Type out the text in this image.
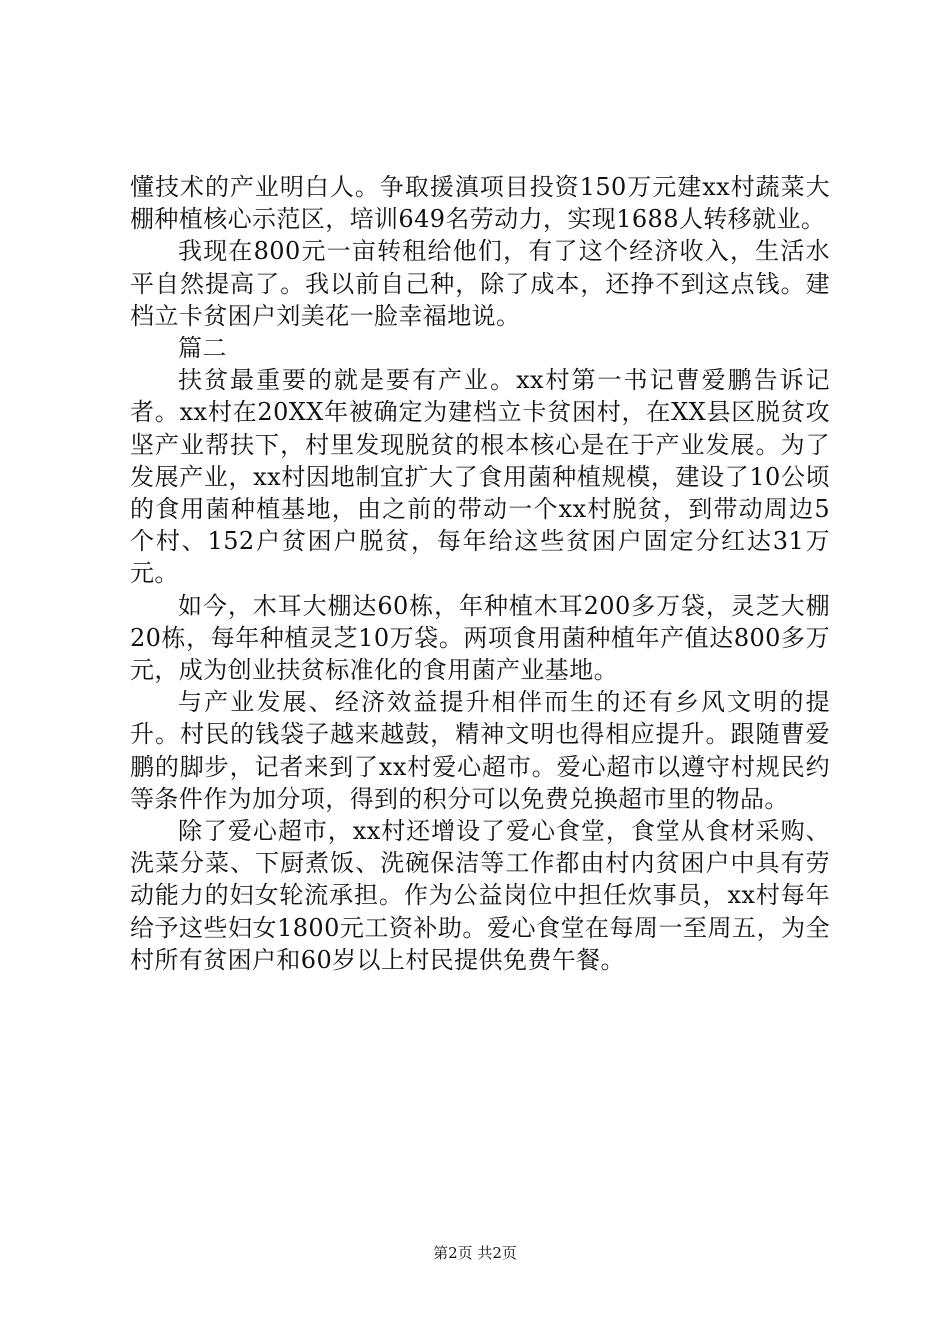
懂技术的产业明白人。争取援滇项目投资150万元建xx村蔬菜大棚种植核心示范区，培训649名劳动力，实现1688人转移就业。

我现在800元一亩转租给他们，有了这个经济收入，生活水平自然提高了。我以前自己种，除了成本，还挣不到这点钱。建档立卡贫困户刘美花一脸幸福地说。

篇二

扶贫最重要的就是要有产业。xx村第一书记曹爱鹏告诉记者。xx村在20XX年被确定为建档立卡贫困村，在XX县区脱贫攻坚产业帮扶下，村里发现脱贫的根本核心是在于产业发展。为了发展产业，xx村因地制宜扩大了食用菌种植规模，建设了10公顷的食用菌种植基地，由之前的带动一个xx村脱贫，到带动周边5个村、152户贫困户脱贫，每年给这些贫困户固定分红达31万元。

如今，木耳大棚达60栋，年种植木耳200多万袋，灵芝大棚20栋，每年种植灵芝10万袋。两项食用菌种植年产值达800多万元，成为创业扶贫标准化的食用菌产业基地。

与产业发展、经济效益提升相伴而生的还有乡风文明的提升。村民的钱袋子越来越鼓，精神文明也得相应提升。跟随曹爱鹏的脚步，记者来到了xx村爱心超市。爱心超市以遵守村规民约等条件作为加分项，得到的积分可以免费兑换超市里的物品。

除了爱心超市，xx村还增设了爱心食堂，食堂从食材采购、洗菜分菜、下厨煮饭、洗碗保洁等工作都由村内贫困户中具有劳动能力的妇女轮流承担。作为公益岗位中担任炊事员，xx村每年给予这些妇女1800元工资补助。爱心食堂在每周一至周五，为全村所有贫困户和60岁以上村民提供免费午餐。

第2页 共2页
